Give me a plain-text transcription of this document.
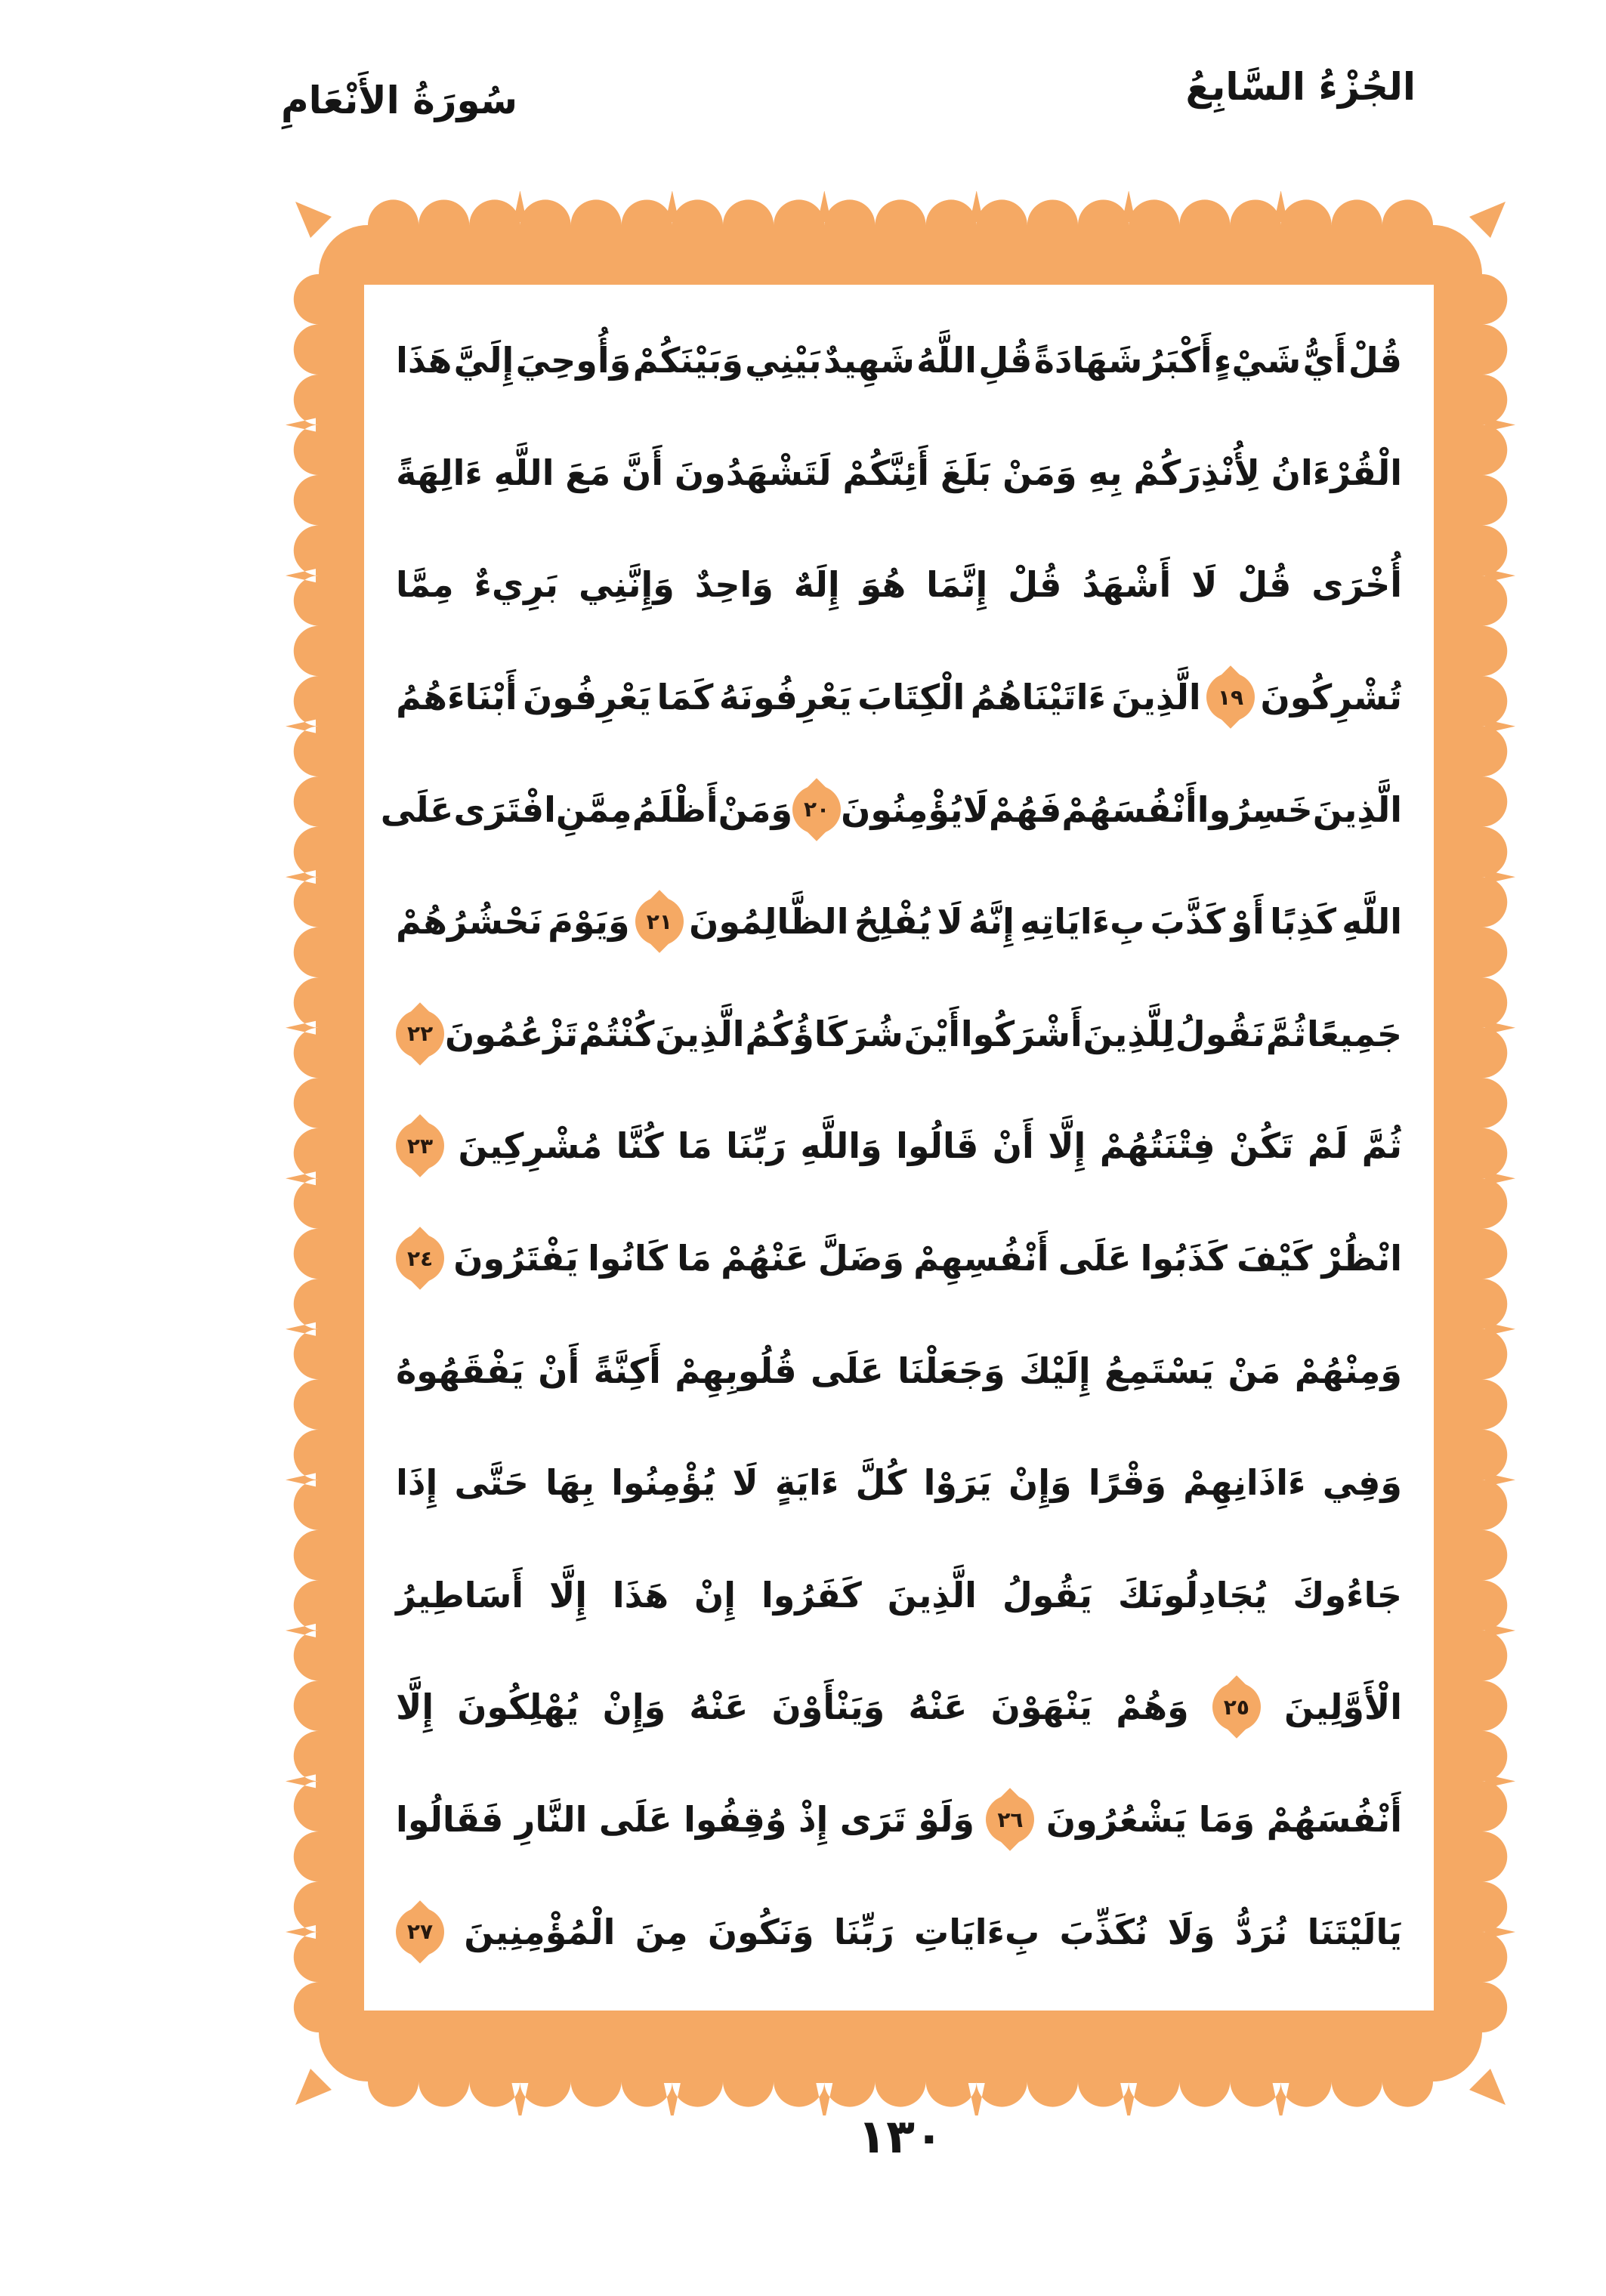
الجُزْءُ السَّابِعُ
سُورَةُ الأَنْعَامِ
قُلْ
أَيُّ
شَيْءٍ
أَكْبَرُ
شَهَادَةً
قُلِ
اللَّهُ
شَهِيدٌ
بَيْنِي
وَبَيْنَكُمْ
وَأُوحِيَ
إِلَيَّ
هَذَا
الْقُرْءَانُ
لِأُنْذِرَكُمْ
بِهِ
وَمَنْ
بَلَغَ
أَئِنَّكُمْ
لَتَشْهَدُونَ
أَنَّ
مَعَ
اللَّهِ
ءَالِهَةً
أُخْرَى
قُلْ
لَا
أَشْهَدُ
قُلْ
إِنَّمَا
هُوَ
إِلَهٌ
وَاحِدٌ
وَإِنَّنِي
بَرِيءٌ
مِمَّا
تُشْرِكُونَ
١٩
الَّذِينَ
ءَاتَيْنَاهُمُ
الْكِتَابَ
يَعْرِفُونَهُ
كَمَا
يَعْرِفُونَ
أَبْنَاءَهُمُ
الَّذِينَ
خَسِرُوا
أَنْفُسَهُمْ
فَهُمْ
لَا
يُؤْمِنُونَ
٢٠
وَمَنْ
أَظْلَمُ
مِمَّنِ
افْتَرَى
عَلَى
اللَّهِ
كَذِبًا
أَوْ
كَذَّبَ
بِءَايَاتِهِ
إِنَّهُ
لَا
يُفْلِحُ
الظَّالِمُونَ
٢١
وَيَوْمَ
نَحْشُرُهُمْ
جَمِيعًا
ثُمَّ
نَقُولُ
لِلَّذِينَ
أَشْرَكُوا
أَيْنَ
شُرَكَاؤُكُمُ
الَّذِينَ
كُنْتُمْ
تَزْعُمُونَ
٢٢
ثُمَّ
لَمْ
تَكُنْ
فِتْنَتُهُمْ
إِلَّا
أَنْ
قَالُوا
وَاللَّهِ
رَبِّنَا
مَا
كُنَّا
مُشْرِكِينَ
٢٣
انْظُرْ
كَيْفَ
كَذَبُوا
عَلَى
أَنْفُسِهِمْ
وَضَلَّ
عَنْهُمْ
مَا
كَانُوا
يَفْتَرُونَ
٢٤
وَمِنْهُمْ
مَنْ
يَسْتَمِعُ
إِلَيْكَ
وَجَعَلْنَا
عَلَى
قُلُوبِهِمْ
أَكِنَّةً
أَنْ
يَفْقَهُوهُ
وَفِي
ءَاذَانِهِمْ
وَقْرًا
وَإِنْ
يَرَوْا
كُلَّ
ءَايَةٍ
لَا
يُؤْمِنُوا
بِهَا
حَتَّى
إِذَا
جَاءُوكَ
يُجَادِلُونَكَ
يَقُولُ
الَّذِينَ
كَفَرُوا
إِنْ
هَذَا
إِلَّا
أَسَاطِيرُ
الْأَوَّلِينَ
٢٥
وَهُمْ
يَنْهَوْنَ
عَنْهُ
وَيَنْأَوْنَ
عَنْهُ
وَإِنْ
يُهْلِكُونَ
إِلَّا
أَنْفُسَهُمْ
وَمَا
يَشْعُرُونَ
٢٦
وَلَوْ
تَرَى
إِذْ
وُقِفُوا
عَلَى
النَّارِ
فَقَالُوا
يَالَيْتَنَا
نُرَدُّ
وَلَا
نُكَذِّبَ
بِءَايَاتِ
رَبِّنَا
وَنَكُونَ
مِنَ
الْمُؤْمِنِينَ
٢٧
١٣٠
